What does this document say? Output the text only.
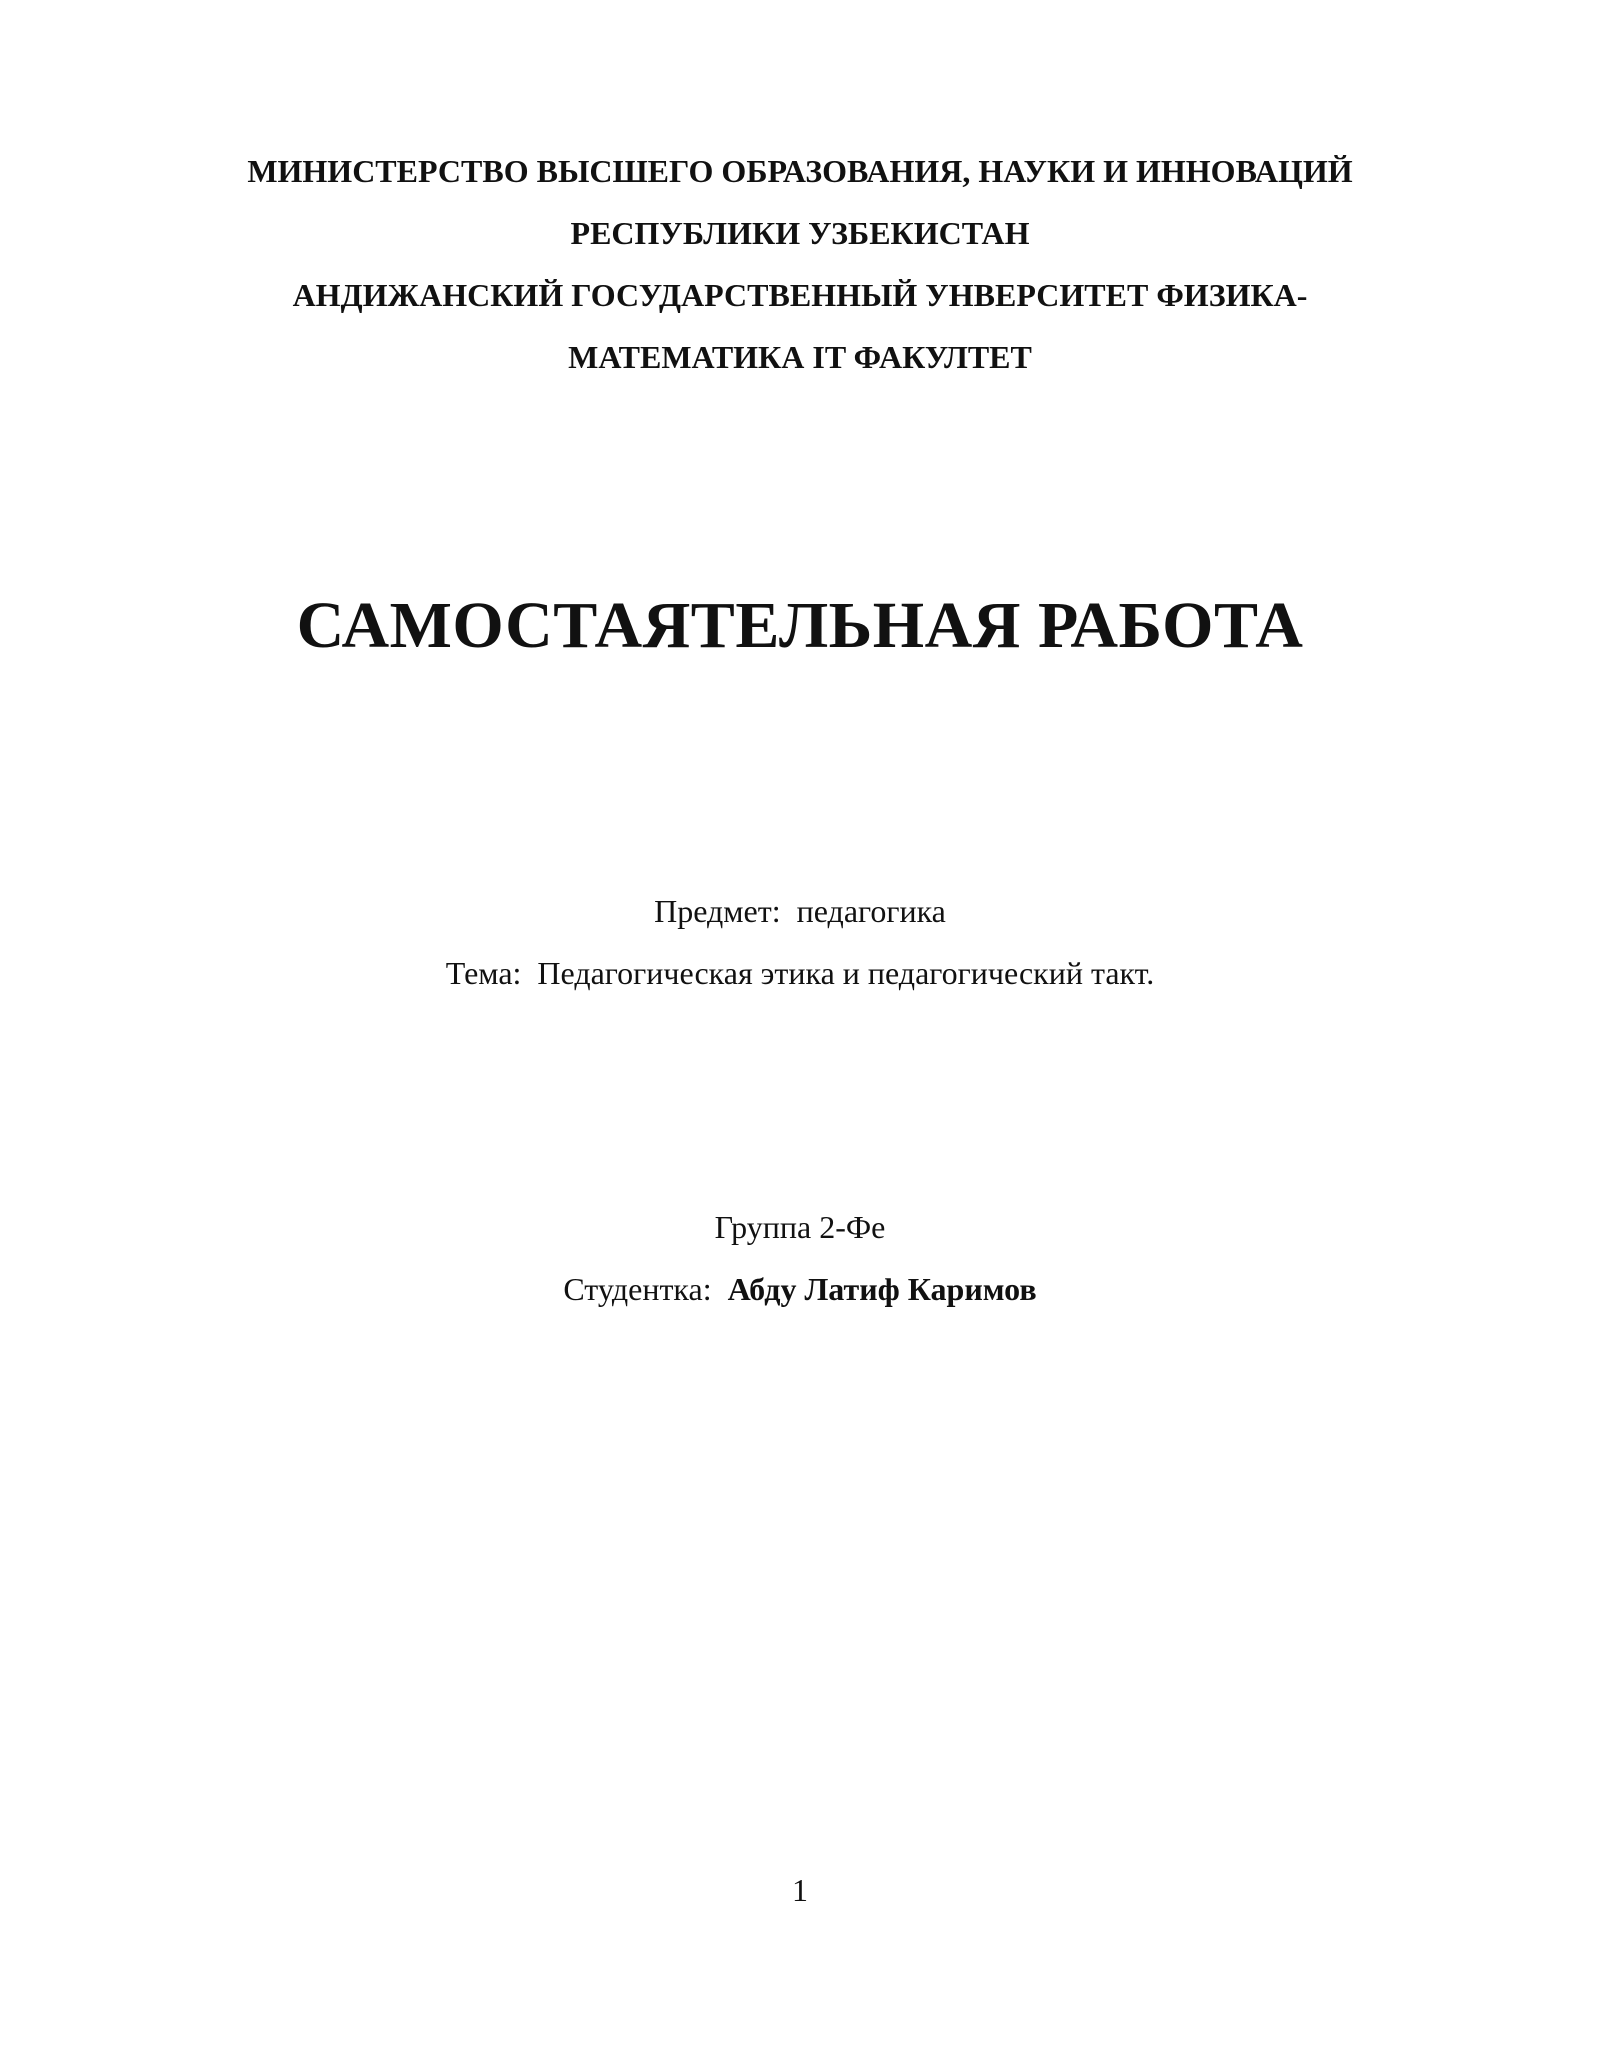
МИНИСТЕРСТВО ВЫСШЕГО ОБРАЗОВАНИЯ, НАУКИ И ИННОВАЦИЙ
РЕСПУБЛИКИ УЗБЕКИСТАН
АНДИЖАНСКИЙ ГОСУДАРСТВЕННЫЙ УНВЕРСИТЕТ ФИЗИКА-
МАТЕМАТИКА IT ФАКУЛТЕТ
САМОСТАЯТЕЛЬНАЯ РАБОТА
Предмет: педагогика
Тема: Педагогическая этика и педагогический такт.
Группа 2-Фе
Студентка: Абду Латиф Каримов
1
